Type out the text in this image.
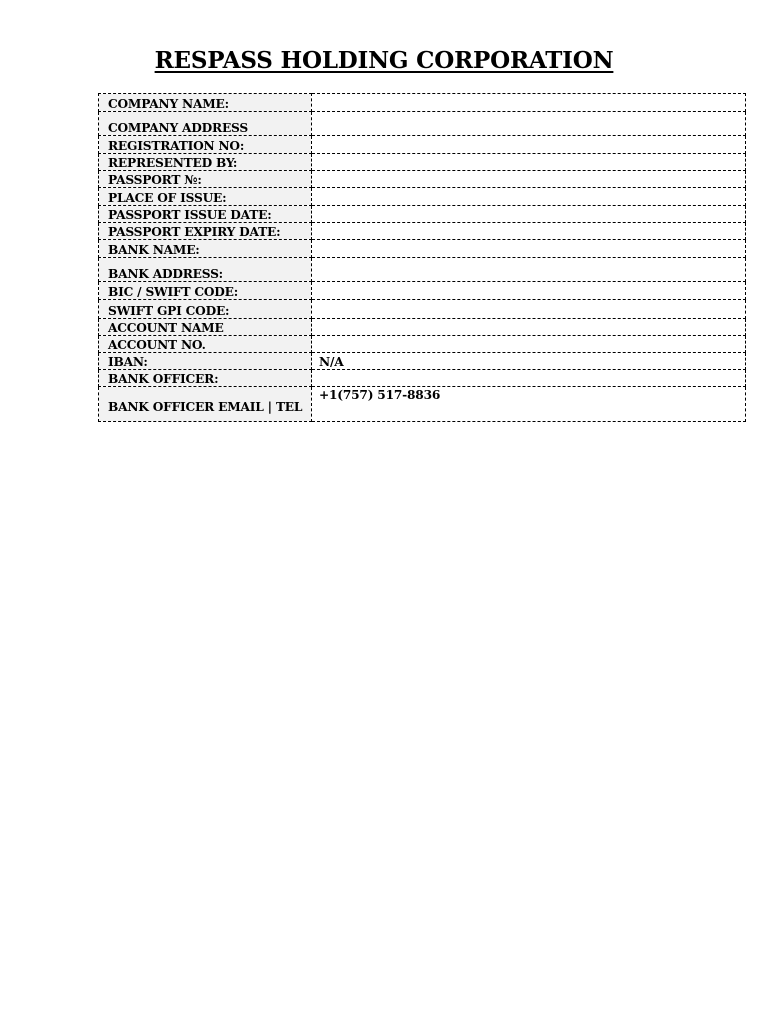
RESPASS HOLDING CORPORATION
COMPANY NAME:	
COMPANY ADDRESS	
REGISTRATION NO:	
REPRESENTED BY:	
PASSPORT №:	
PLACE OF ISSUE:	
PASSPORT ISSUE DATE:	
PASSPORT EXPIRY DATE:	
BANK NAME:	
BANK ADDRESS:	
BIC / SWIFT CODE:	
SWIFT GPI CODE:	
ACCOUNT NAME	
ACCOUNT NO.	
IBAN:	N/A
BANK OFFICER:	
BANK OFFICER EMAIL | TEL	+1(757) 517-8836
